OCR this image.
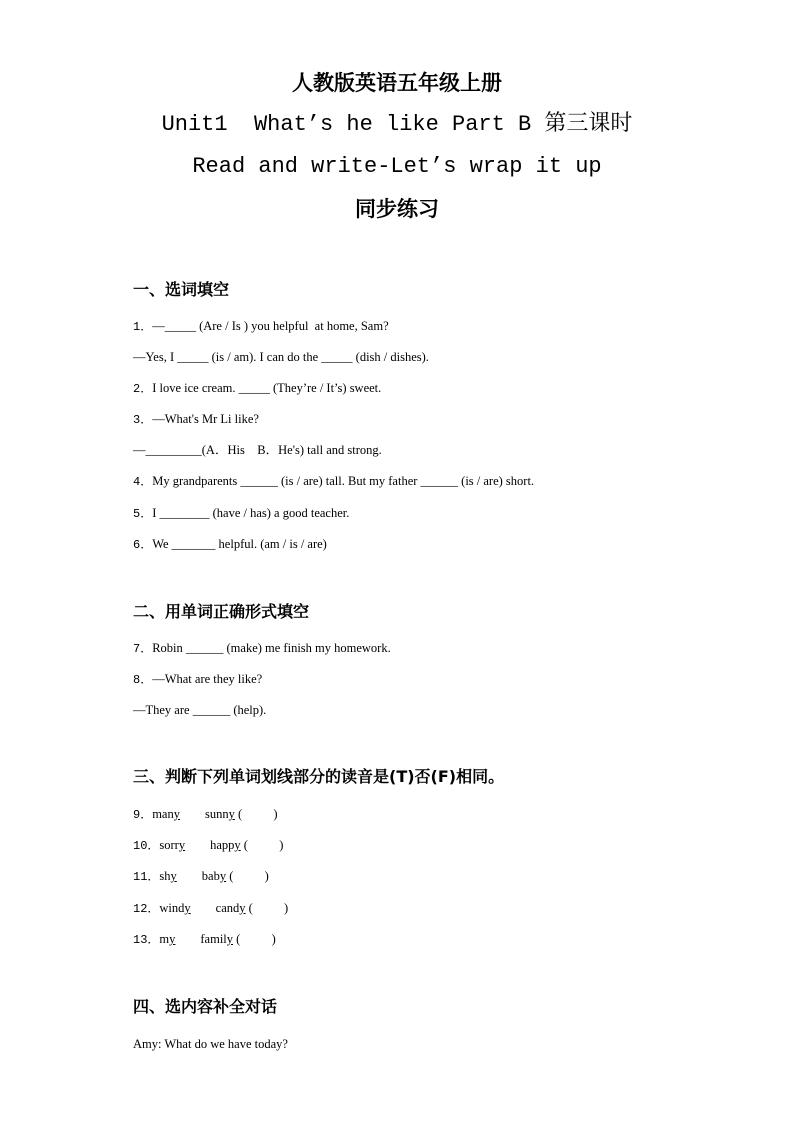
人教版英语五年级上册
Unit1  What’s he like Part B 第三课时
Read and write-Let’s wrap it up
同步练习
一、选词填空
1．—_____ (Are / Is ) you helpful  at home, Sam?
—Yes, I _____ (is / am). I can do the _____ (dish / dishes).
2．I love ice cream. _____ (They’re / It’s) sweet.
3．—What's Mr Li like?
—_________(A．His    B．He's) tall and strong.
4．My grandparents ______ (is / are) tall. But my father ______ (is / are) short.
5．I ________ (have / has) a good teacher.
6．We _______ helpful. (am / is / are)
二、用单词正确形式填空
7．Robin ______ (make) me finish my homework.
8．—What are they like?
—They are ______ (help).
三、判断下列单词划线部分的读音是(T)否(F)相同。
9．many sunny (          )
10．sorry happy (          )
11．shy baby (          )
12．windy candy (          )
13．my family (          )
四、选内容补全对话
Amy: What do we have today?
